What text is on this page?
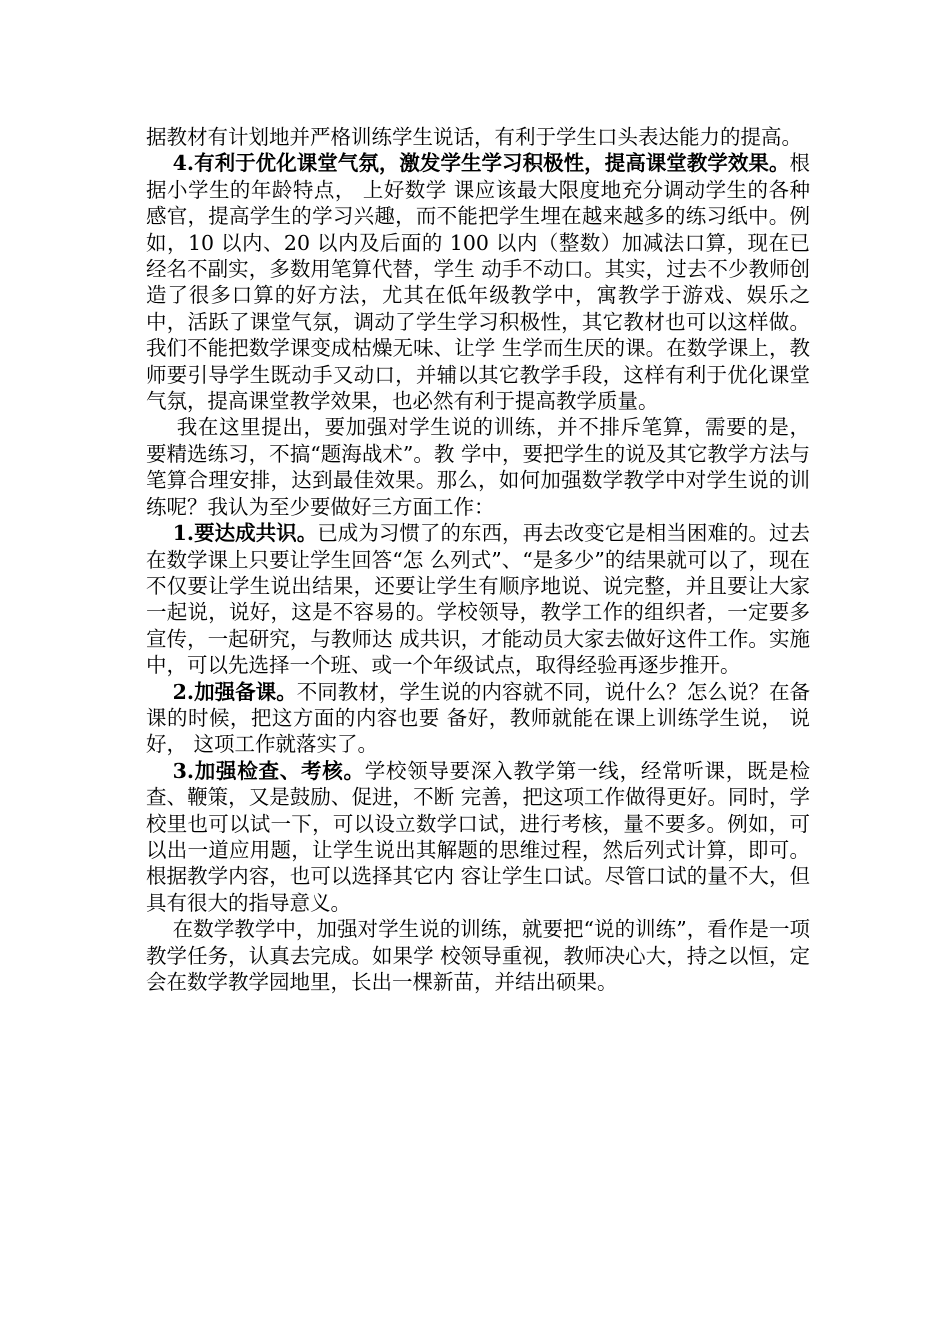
据教材有计划地并严格训练学生说话，有利于学生口头表达能力的提高。

4.有利于优化课堂气氛，激发学生学习积极性，提高课堂教学效果。根据小学生的年龄特点， 上好数学 课应该最大限度地充分调动学生的各种感官，提高学生的学习兴趣，而不能把学生埋在越来越多的练习纸中。例如，10 以内、20 以内及后面的 100 以内（整数）加减法口算，现在已经名不副实，多数用笔算代替，学生 动手不动口。其实，过去不少教师创造了很多口算的好方法，尤其在低年级教学中，寓教学于游戏、娱乐之中，活跃了课堂气氛，调动了学生学习积极性，其它教材也可以这样做。我们不能把数学课变成枯燥无味、让学 生学而生厌的课。在数学课上，教师要引导学生既动手又动口，并辅以其它教学手段，这样有利于优化课堂气氛，提高课堂教学效果，也必然有利于提高教学质量。

我在这里提出，要加强对学生说的训练，并不排斥笔算，需要的是，要精选练习，不搞“题海战术”。教 学中，要把学生的说及其它教学方法与笔算合理安排，达到最佳效果。那么，如何加强数学教学中对学生说的训练呢？我认为至少要做好三方面工作：

1.要达成共识。已成为习惯了的东西，再去改变它是相当困难的。过去在数学课上只要让学生回答“怎 么列式”、“是多少”的结果就可以了，现在不仅要让学生说出结果，还要让学生有顺序地说、说完整，并且要让大家一起说，说好，这是不容易的。学校领导，教学工作的组织者，一定要多宣传，一起研究，与教师达 成共识，才能动员大家去做好这件工作。实施中，可以先选择一个班、或一个年级试点，取得经验再逐步推开。

2.加强备课。不同教材，学生说的内容就不同，说什么？怎么说？在备课的时候，把这方面的内容也要 备好，教师就能在课上训练学生说， 说好， 这项工作就落实了。

3.加强检查、考核。学校领导要深入教学第一线，经常听课，既是检查、鞭策，又是鼓励、促进，不断 完善，把这项工作做得更好。同时，学校里也可以试一下，可以设立数学口试，进行考核，量不要多。例如，可以出一道应用题，让学生说出其解题的思维过程，然后列式计算，即可。根据教学内容，也可以选择其它内 容让学生口试。尽管口试的量不大，但具有很大的指导意义。

在数学教学中，加强对学生说的训练，就要把“说的训练”，看作是一项教学任务，认真去完成。如果学 校领导重视，教师决心大，持之以恒，定会在数学教学园地里，长出一棵新苗，并结出硕果。
